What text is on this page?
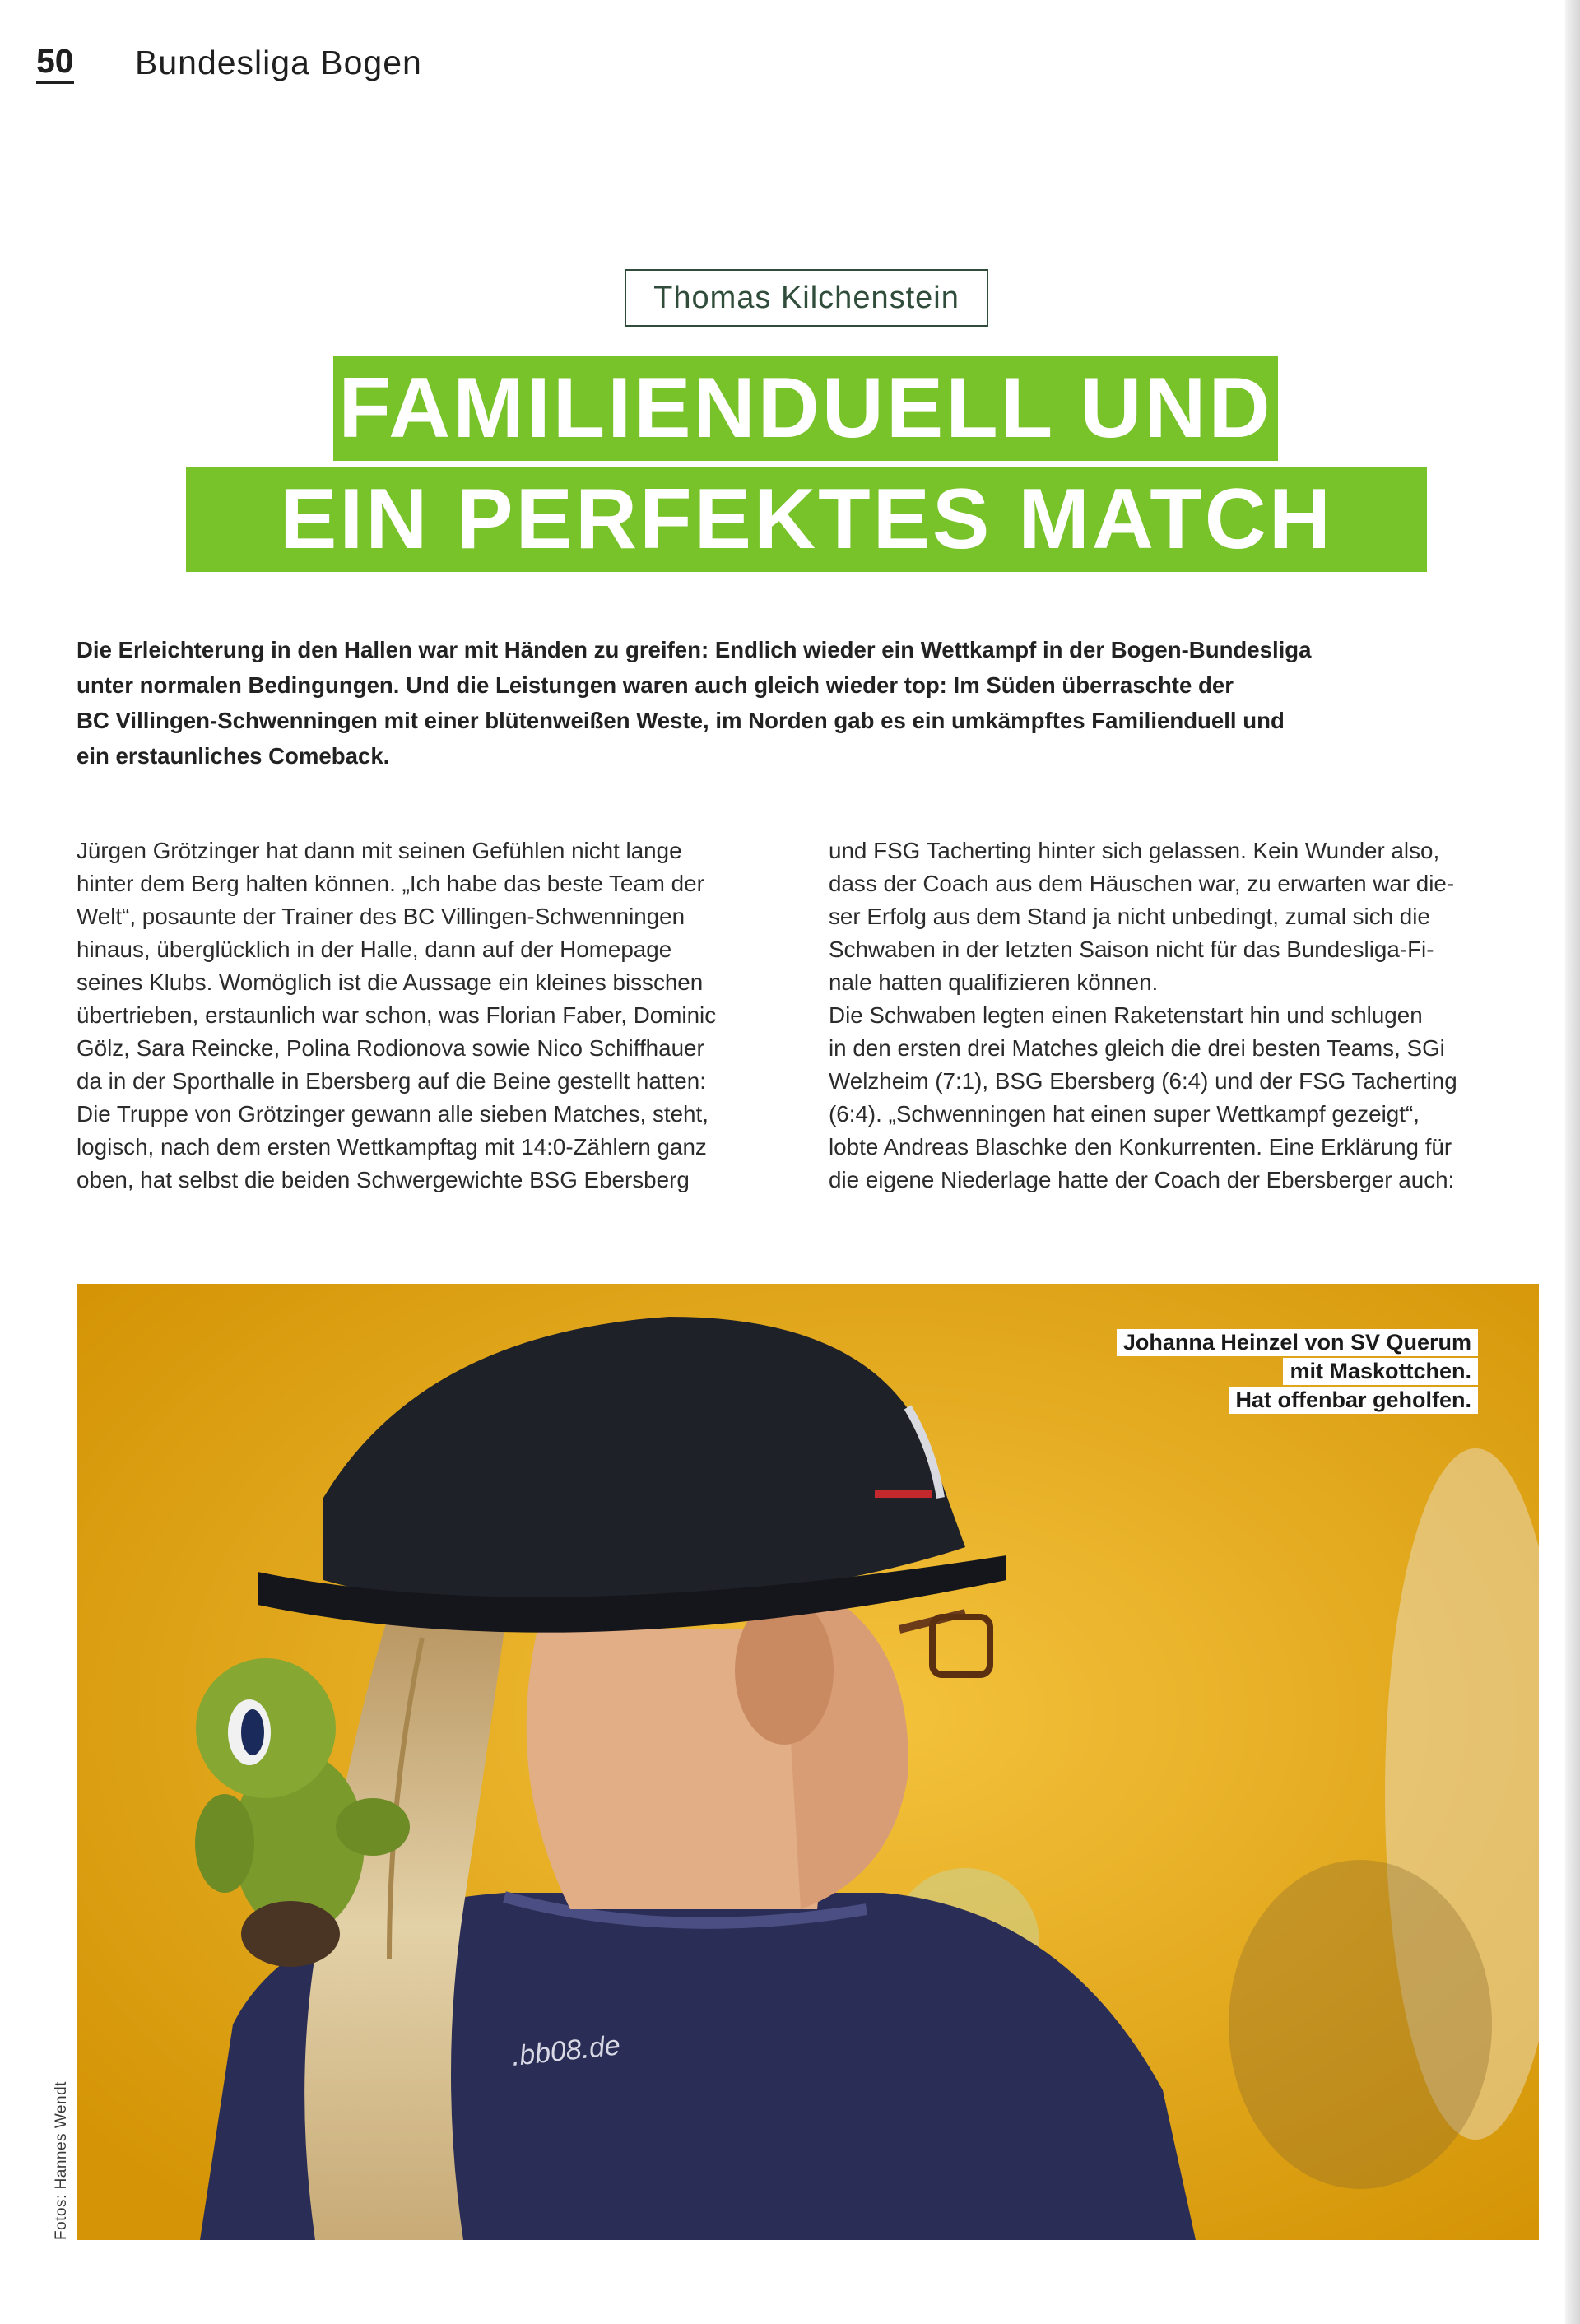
50 Bundesliga Bogen
Thomas Kilchenstein
FAMILIENDUELL UND
EIN PERFEKTES MATCH

Die Erleichterung in den Hallen war mit Händen zu greifen: Endlich wieder ein Wettkampf in der Bogen-Bundesliga
unter normalen Bedingungen. Und die Leistungen waren auch gleich wieder top: Im Süden überraschte der
BC Villingen-Schwenningen mit einer blütenweißen Weste, im Norden gab es ein umkämpftes Familienduell und
ein erstaunliches Comeback.

Jürgen Grötzinger hat dann mit seinen Gefühlen nicht lange
hinter dem Berg halten können. „Ich habe das beste Team der
Welt“, posaunte der Trainer des BC Villingen-Schwenningen
hinaus, überglücklich in der Halle, dann auf der Homepage
seines Klubs. Womöglich ist die Aussage ein kleines bisschen
übertrieben, erstaunlich war schon, was Florian Faber, Dominic
Gölz, Sara Reincke, Polina Rodionova sowie Nico Schiffhauer
da in der Sporthalle in Ebersberg auf die Beine gestellt hatten:
Die Truppe von Grötzinger gewann alle sieben Matches, steht,
logisch, nach dem ersten Wettkampftag mit 14:0-Zählern ganz
oben, hat selbst die beiden Schwergewichte BSG Ebersberg
und FSG Tacherting hinter sich gelassen. Kein Wunder also,
dass der Coach aus dem Häuschen war, zu erwarten war die-
ser Erfolg aus dem Stand ja nicht unbedingt, zumal sich die
Schwaben in der letzten Saison nicht für das Bundesliga-Fi-
nale hatten qualifizieren können.
Die Schwaben legten einen Raketenstart hin und schlugen
in den ersten drei Matches gleich die drei besten Teams, SGi
Welzheim (7:1), BSG Ebersberg (6:4) und der FSG Tacherting
(6:4). „Schwenningen hat einen super Wettkampf gezeigt“,
lobte Andreas Blaschke den Konkurrenten. Eine Erklärung für
die eigene Niederlage hatte der Coach der Ebersberger auch:
.bb08.de
Johanna Heinzel von SV Querum
mit Maskottchen.
Hat offenbar geholfen.
Fotos: Hannes Wendt
